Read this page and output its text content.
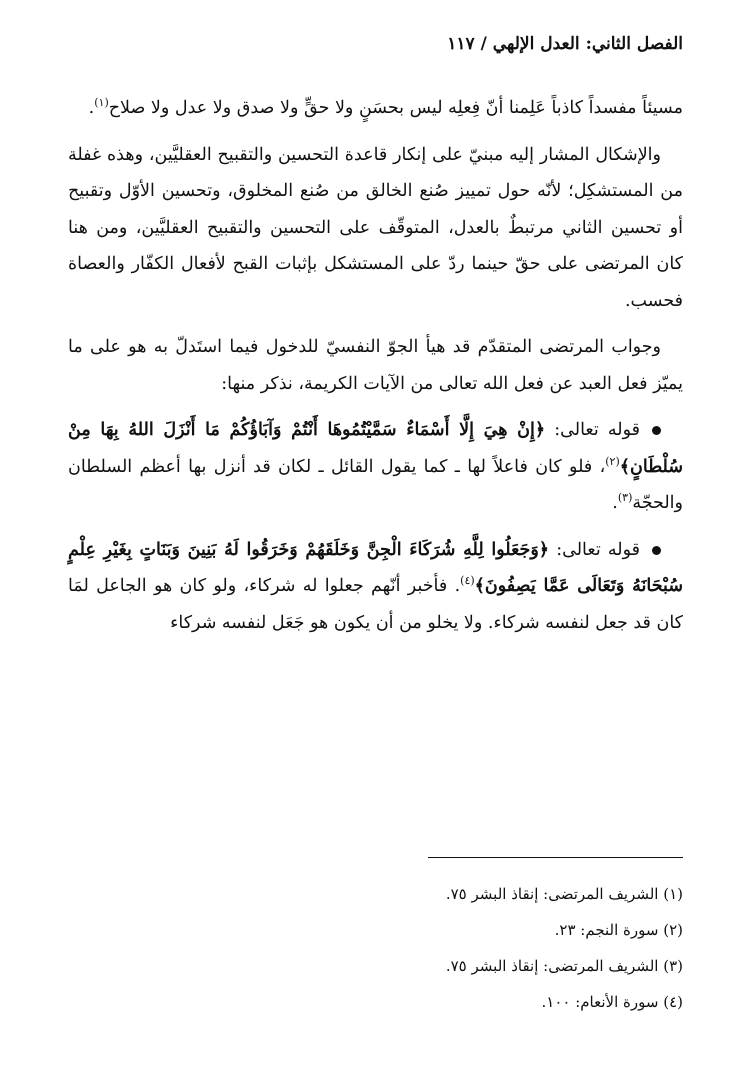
الفصل الثاني: العدل الإلهي / ١١٧

مسيئاً مفسداً كاذباً عَلِمنا أنّ فِعلِه ليس بحسَنٍ ولا حقٍّ ولا صدق ولا عدل ولا صلاح$^{(١)}$.

والإشكال المشار إليه مبنيّ على إنكار قاعدة التحسين والتقبيح العقليَّين، وهذه غفلة من المستشكِل؛ لأنّه حول تمييز صُنع الخالق من صُنع المخلوق، وتحسين الأوّل وتقبيح أو تحسين الثاني مرتبطٌ بالعدل، المتوقّف على التحسين والتقبيح العقليَّين، ومن هنا كان المرتضى على حقّ حينما ردّ على المستشكل بإثبات القبح لأفعال الكفّار والعصاة فحسب.

وجواب المرتضى المتقدّم قد هيأ الجوّ النفسيّ للدخول فيما استَدلّ به هو على ما يميّز فعل العبد عن فعل الله تعالى من الآيات الكريمة، نذكر منها:

قوله تعالى: ﴿إِنْ هِيَ إِلَّا أَسْمَاءٌ سَمَّيْتُمُوهَا أَنْتُمْ وَآبَاؤُكُمْ مَا أَنْزَلَ اللهُ بِهَا مِنْ سُلْطَانٍ﴾$^{(٢)}$، فلو كان فاعلاً لها ـ كما يقول القائل ـ لكان قد أنزل بها أعظم السلطان والحجّة$^{(٣)}$.

قوله تعالى: ﴿وَجَعَلُوا لِلَّهِ شُرَكَاءَ الْجِنَّ وَخَلَقَهُمْ وَخَرَقُوا لَهُ بَنِينَ وَبَنَاتٍ بِغَيْرِ عِلْمٍ سُبْحَانَهُ وَتَعَالَى عَمَّا يَصِفُونَ﴾$^{(٤)}$. فأخبر أنّهم جعلوا له شركاء، ولو كان هو الجاعل لمَا كان قد جعل لنفسه شركاء. ولا يخلو من أن يكون هو جَعَل لنفسه شركاء

(١) الشريف المرتضى: إنقاذ البشر ٧٥.
(٢) سورة النجم: ٢٣.
(٣) الشريف المرتضى: إنقاذ البشر ٧٥.
(٤) سورة الأنعام: ١٠٠.
